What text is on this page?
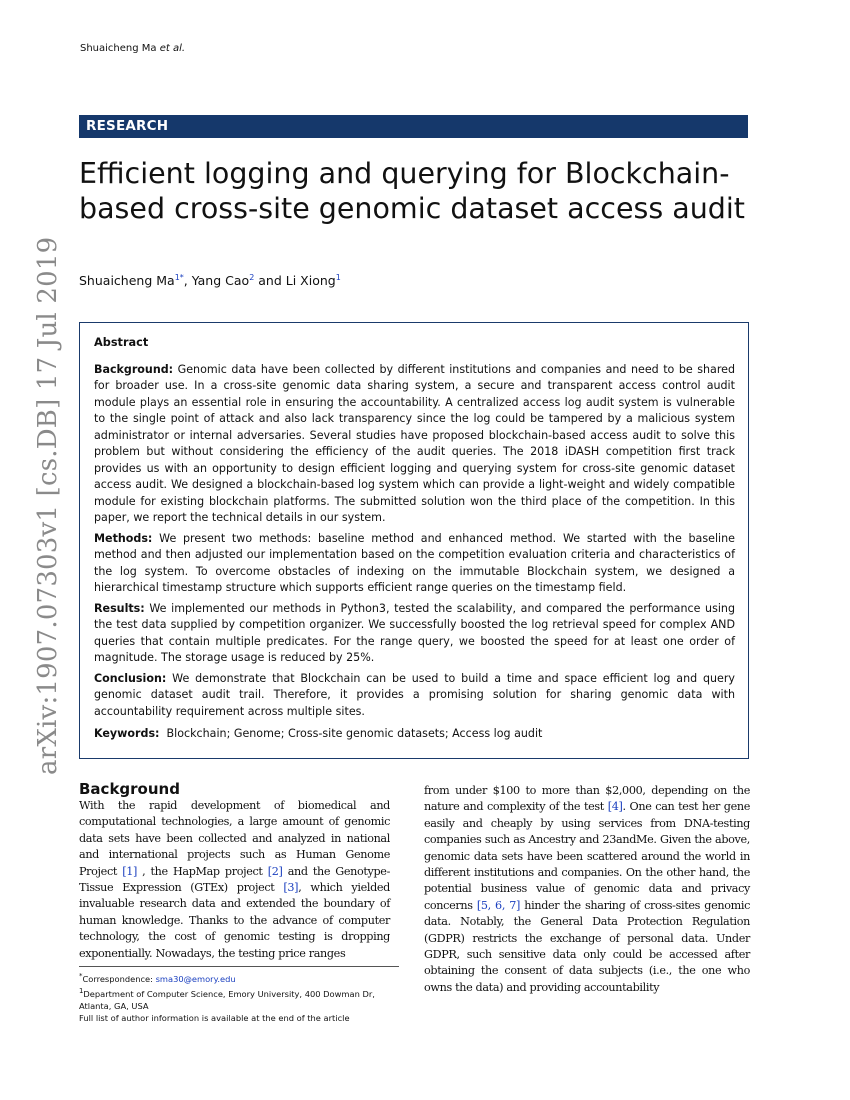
Shuaicheng Ma et al.
RESEARCH
Efficient logging and querying for Blockchain-based cross-site genomic dataset access audit
Shuaicheng $Ma^{1*}$, Yang Cao$^2$ and Li Xiong$^1$
arXiv:1907.07303v1 [cs.DB] 17 Jul 2019	Abstract

Background: Genomic data have been collected by different institutions and companies and need to be shared for broader use. In a cross-site genomic data sharing system, a secure and transparent access control audit module plays an essential role in ensuring the accountability. A centralized access log audit system is vulnerable to the single point of attack and also lack transparency since the log could be tampered by a malicious system administrator or internal adversaries. Several studies have proposed blockchain-based access audit to solve this problem but without considering the efficiency of the audit queries. The 2018 iDASH competition first track provides us with an opportunity to design efficient logging and querying system for cross-site genomic dataset access audit. We designed a blockchain-based log system which can provide a light-weight and widely compatible module for existing blockchain platforms. The submitted solution won the third place of the competition. In this paper, we report the technical details in our system.

Methods: We present two methods: baseline method and enhanced method. We started with the baseline method and then adjusted our implementation based on the competition evaluation criteria and characteristics of the log system. To overcome obstacles of indexing on the immutable Blockchain system, we designed a hierarchical timestamp structure which supports efficient range queries on the timestamp field.

Results: We implemented our methods in Python3, tested the scalability, and compared the performance using the test data supplied by competition organizer. We successfully boosted the log retrieval speed for complex AND queries that contain multiple predicates. For the range query, we boosted the speed for at least one order of magnitude. The storage usage is reduced by 25%.

Conclusion: We demonstrate that Blockchain can be used to build a time and space efficient log and query genomic dataset audit trail. Therefore, it provides a promising solution for sharing genomic data with accountability requirement across multiple sites.

Keywords: Blockchain; Genome; Cross-site genomic datasets; Access log audit

Background

With the rapid development of biomedical and computational technologies, a large amount of genomic data sets have been collected and analyzed in national and international projects such as Human Genome Project [1] , the HapMap project [2] and the Genotype-Tissue Expression (GTEx) project [3], which yielded invaluable research data and extended the boundary of human knowledge. Thanks to the advance of computer technology, the cost of genomic testing is dropping exponentially. Nowadays, the testing price ranges

from under $100 to more than $2,000, depending on the nature and complexity of the test [4]. One can test her gene easily and cheaply by using services from DNA-testing companies such as Ancestry and 23andMe. Given the above, genomic data sets have been scattered around the world in different institutions and companies. On the other hand, the potential business value of genomic data and privacy concerns [5, 6, 7] hinder the sharing of cross-sites genomic data. Notably, the General Data Protection Regulation (GDPR) restricts the exchange of personal data. Under GDPR, such sensitive data only could be accessed after obtaining the consent of data subjects (i.e., the one who owns the data) and providing accountability

*Correspondence: sma30@emory.edu

$^1$Department of Computer Science, Emory University, 400 Dowman Dr, Atlanta, GA, USA

Full list of author information is available at the end of the article
